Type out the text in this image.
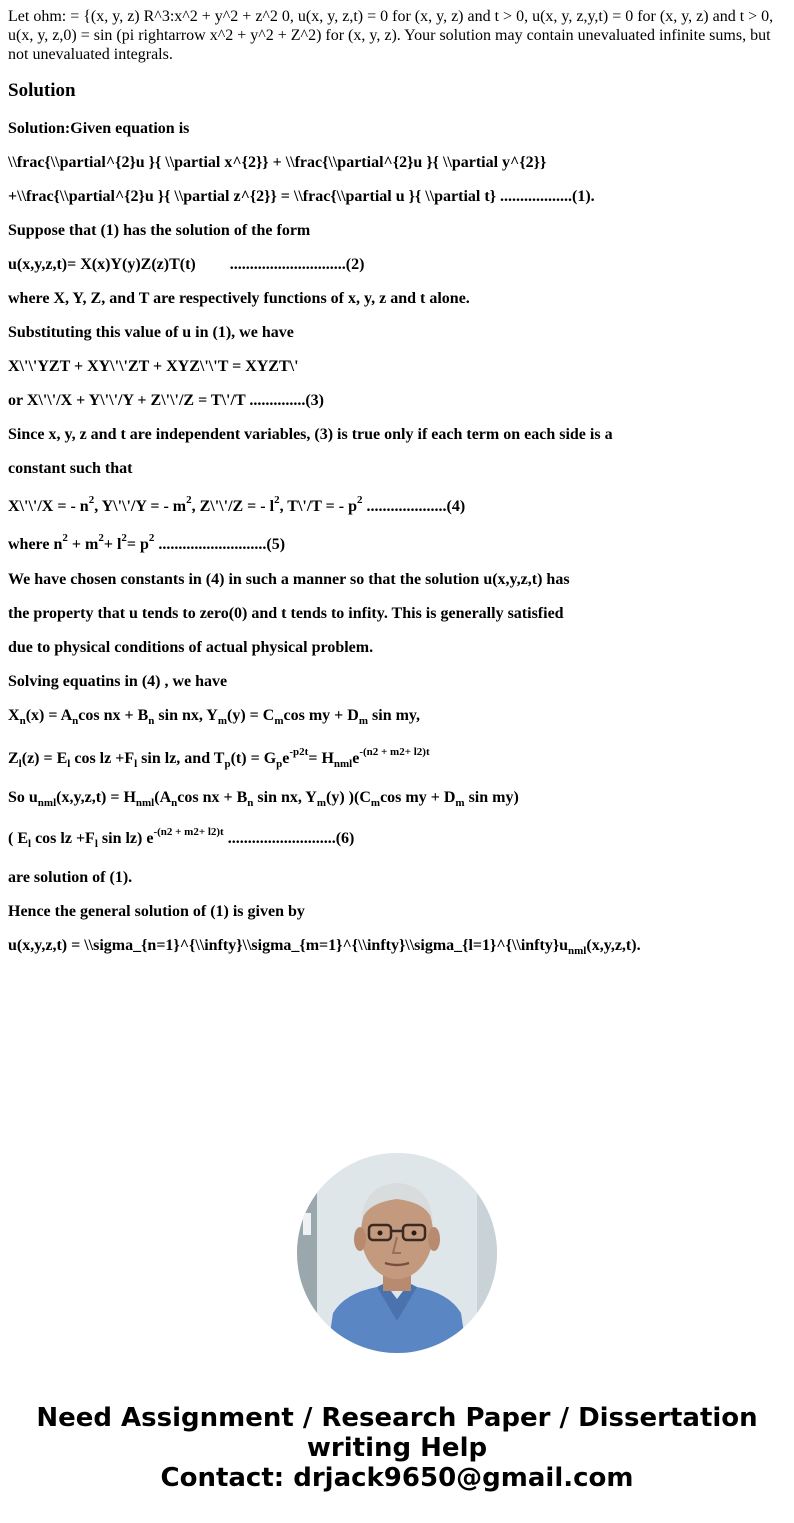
Let ohm: = {(x, y, z) R^3:x^2 + y^2 + z^2 0, u(x, y, z,t) = 0 for (x, y, z) and t > 0, u(x, y, z,y,t) = 0 for (x, y, z) and t > 0, u(x, y, z,0) = sin (pi rightarrow x^2 + y^2 + Z^2) for (x, y, z). Your solution may contain unevaluated infinite sums, but not unevaluated integrals.
Solution
Solution:Given equation is
\\frac{\\partial^{2}u }{ \\partial x^{2}} + \\frac{\\partial^{2}u }{ \\partial y^{2}}
+\\frac{\\partial^{2}u }{ \\partial z^{2}} = \\frac{\\partial u }{ \\partial t} ..................(1).
Suppose that (1) has the solution of the form
u(x,y,z,t)= X(x)Y(y)Z(z)T(t) .............................(2)
where X, Y, Z, and T are respectively functions of x, y, z and t alone.
Substituting this value of u in (1), we have
X\'\'YZT + XY\'\'ZT + XYZ\'\'T = XYZT\'
or X\'\'/X + Y\'\'/Y + Z\'\'/Z = T\'/T ..............(3)
Since x, y, z and t are independent variables, (3) is true only if each term on each side is a
constant such that
X\'\'/X = - $n^2$, Y\'\'/Y = - $m^2$, Z\'\'/Z = - $l^2$, T\'/T = - $p^2$ ....................(4)
where $n^2 + m^2+ l^2= p^2$ ...........................(5)
We have chosen constants in (4) in such a manner so that the solution u(x,y,z,t) has
the property that u tends to zero(0) and t tends to infity. This is generally satisfied
due to physical conditions of actual physical problem.
Solving equatins in (4) , we have
$X_n(x) = A_n\cos$ nx + $B_n$ sin nx, $Y_m(y) = C_m\cos$ my + $D_m$ sin my,
$Z_l(z) = E_l$ cos lz $+F_l$ sin lz, and $T_p(t) = G_pe^{-p2t}= H_{nml}e^{-(n2 + m2+ l2)t}$
So $u_{nml}(x,y,z,t) = H_{nml}(A_n\cos$ nx + $B_n$ sin nx, $Y_m(y)$ )($C_m\cos$ my + $D_m$ sin my)
( $E_l$ cos lz $+F_l$ sin lz) $e^{-(n2 + m2+ l2)t}$ ...........................(6)
are solution of (1).
Hence the general solution of (1) is given by
$u(x,y,z,t) = \backslash\backslash sigma\_\{n=1\}\^{}\{\backslash\backslash infty\}\backslash\backslash sigma\_\{m=1\}\^{}\{\backslash\backslash infty\}\backslash\backslash sigma\_\{l=1\}\^{}\{\backslash\backslash infty\}u_{nml}(x,y,z,t)$.
Need Assignment / Research Paper / Dissertation
writing Help
Contact: drjack9650@gmail.com
